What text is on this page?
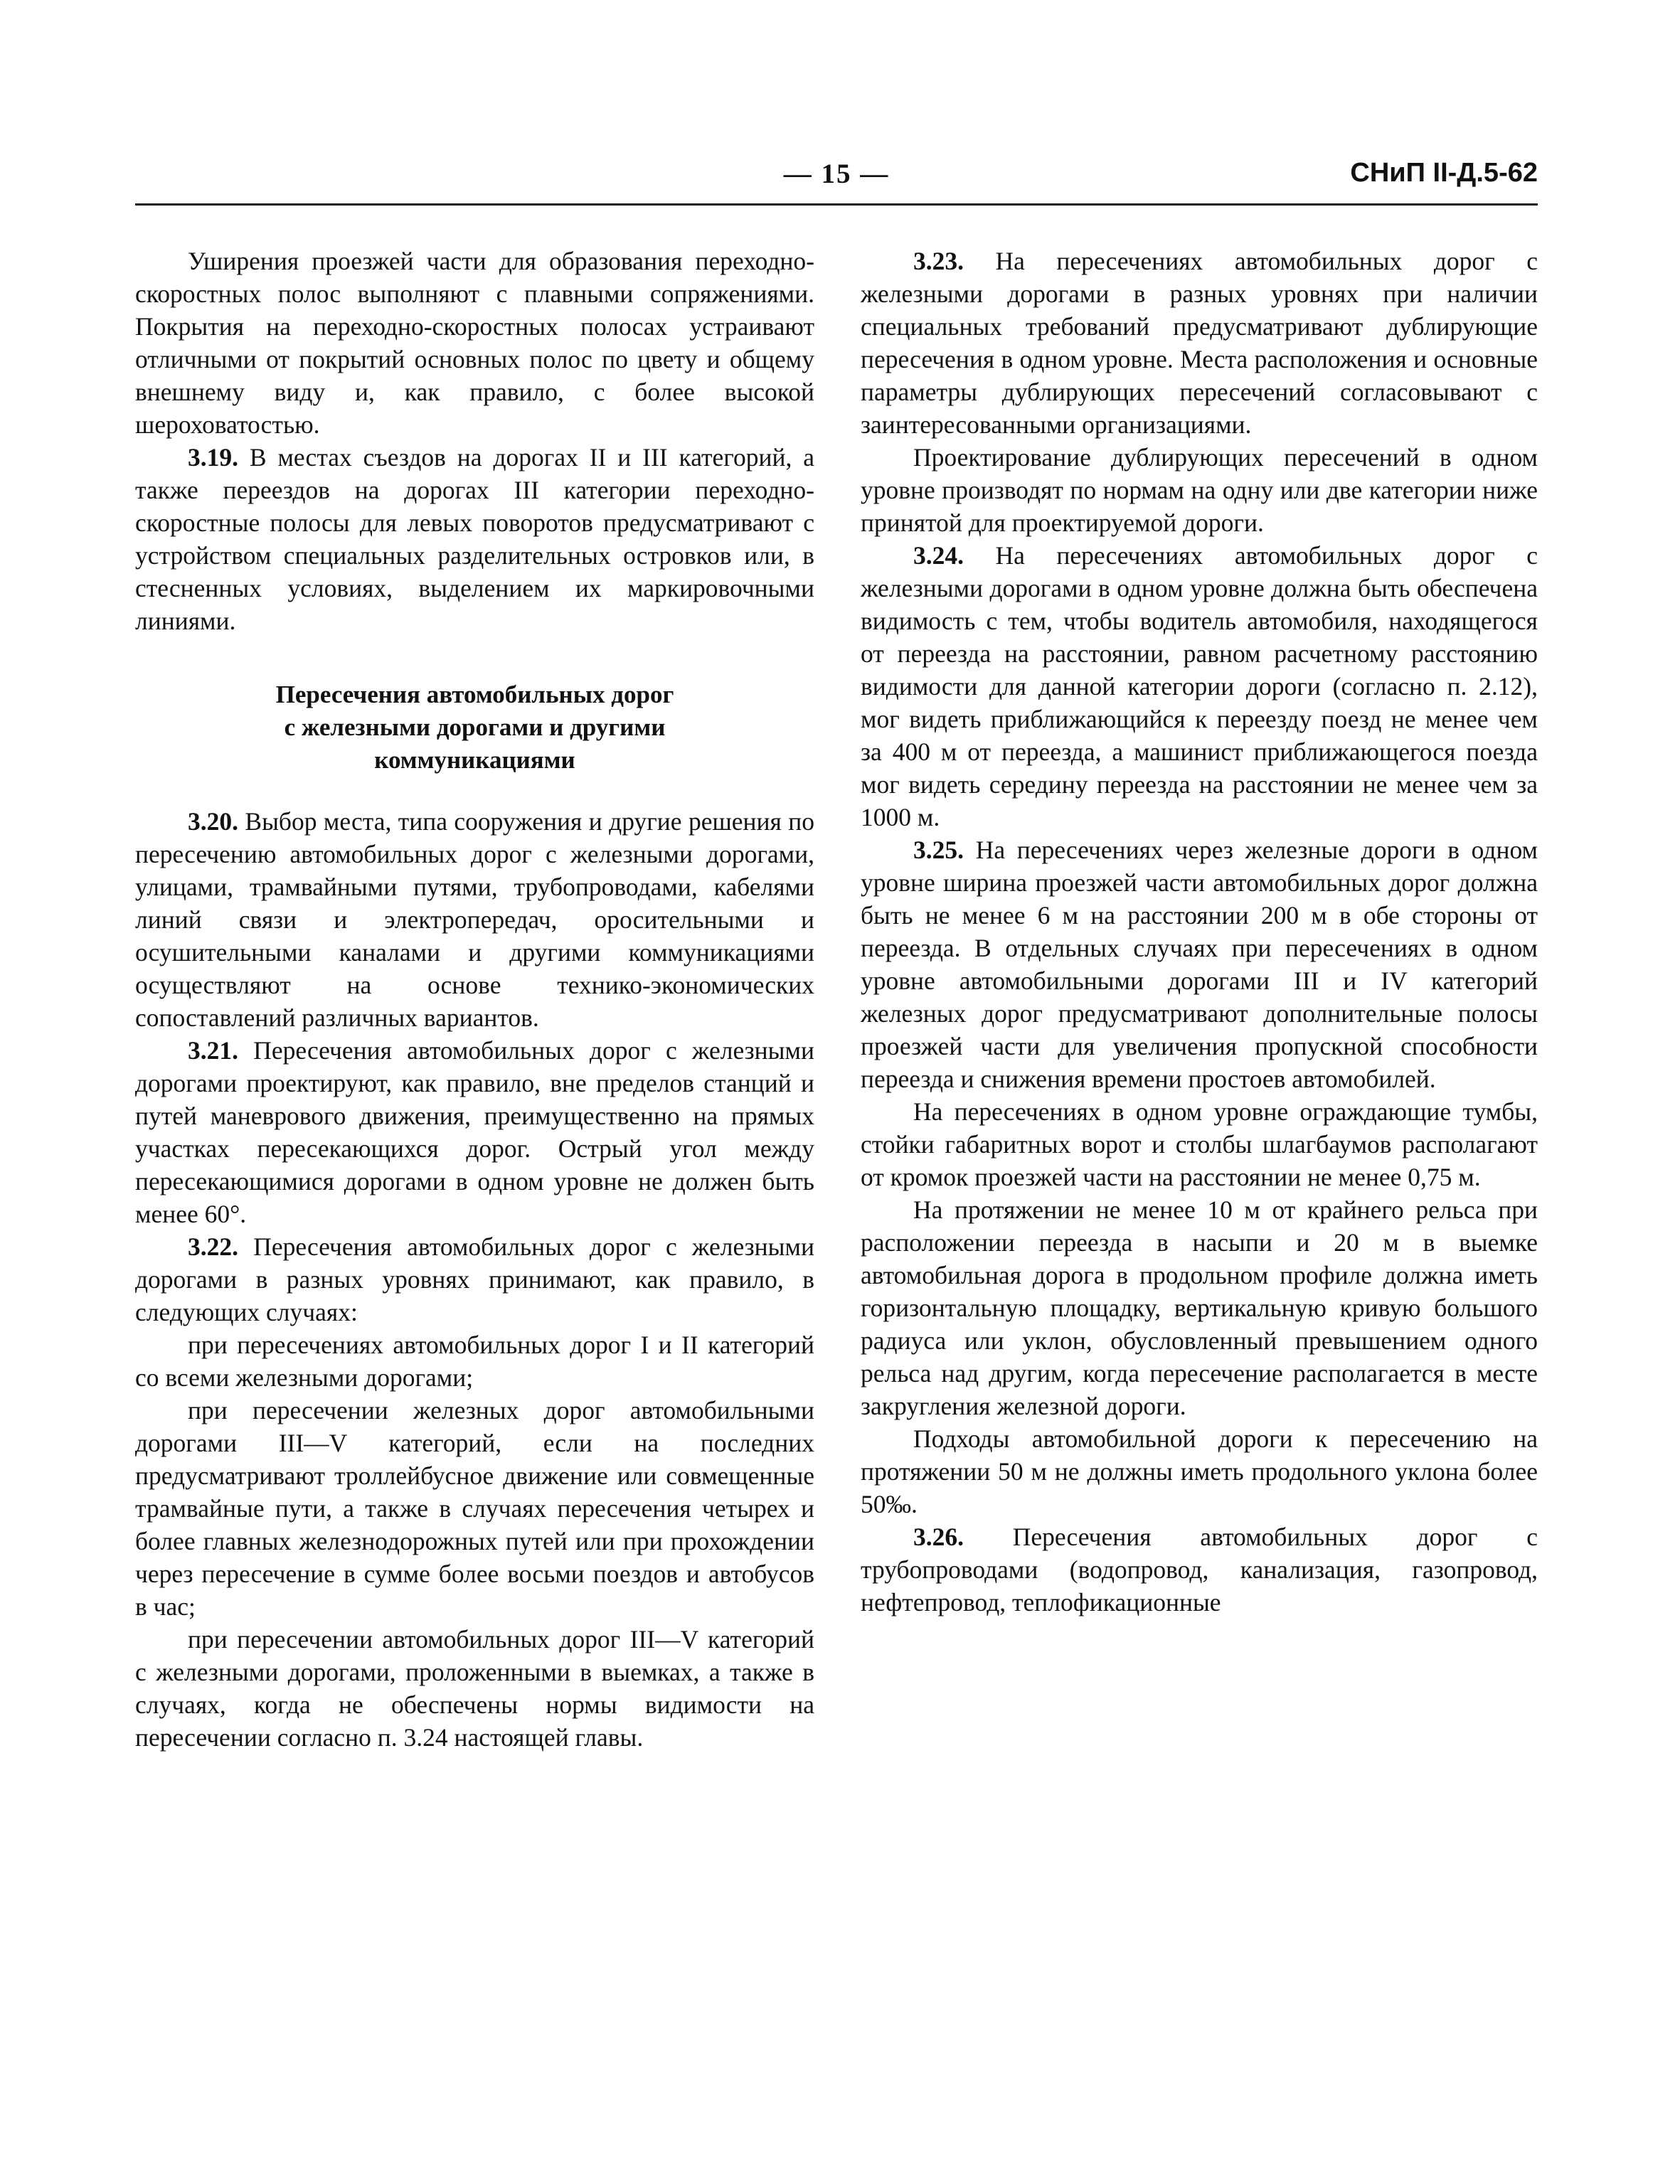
— 15 —	СНиП II-Д.5-62

Уширения проезжей части для образования переходно-скоростных полос выполняют с плавными сопряжениями. Покрытия на переходно-скоростных полосах устраивают отличными от покрытий основных полос по цвету и общему внешнему виду и, как правило, с более высокой шероховатостью.

3.19. В местах съездов на дорогах II и III категорий, а также переездов на дорогах III категории переходно-скоростные полосы для левых поворотов предусматривают с устройством специальных разделительных островков или, в стесненных условиях, выделением их маркировочными линиями.

Пересечения автомобильных дорог
с железными дорогами и другими
коммуникациями

3.20. Выбор места, типа сооружения и другие решения по пересечению автомобильных дорог с железными дорогами, улицами, трамвайными путями, трубопроводами, кабелями линий связи и электропередач, оросительными и осушительными каналами и другими коммуникациями осуществляют на основе технико-экономических сопоставлений различных вариантов.

3.21. Пересечения автомобильных дорог с железными дорогами проектируют, как правило, вне пределов станций и путей маневрового движения, преимущественно на прямых участках пересекающихся дорог. Острый угол между пересекающимися дорогами в одном уровне не должен быть менее 60°.

3.22. Пересечения автомобильных дорог с железными дорогами в разных уровнях принимают, как правило, в следующих случаях:

при пересечениях автомобильных дорог I и II категорий со всеми железными дорогами;

при пересечении железных дорог автомобильными дорогами III—V категорий, если на последних предусматривают троллейбусное движение или совмещенные трамвайные пути, а также в случаях пересечения четырех и более главных железнодорожных путей или при прохождении через пересечение в сумме более восьми поездов и автобусов в час;

при пересечении автомобильных дорог III—V категорий с железными дорогами, проложенными в выемках, а также в случаях, когда не обеспечены нормы видимости на пересечении согласно п. 3.24 настоящей главы.

3.23. На пересечениях автомобильных дорог с железными дорогами в разных уровнях при наличии специальных требований предусматривают дублирующие пересечения в одном уровне. Места расположения и основные параметры дублирующих пересечений согласовывают с заинтересованными организациями.

Проектирование дублирующих пересечений в одном уровне производят по нормам на одну или две категории ниже принятой для проектируемой дороги.

3.24. На пересечениях автомобильных дорог с железными дорогами в одном уровне должна быть обеспечена видимость с тем, чтобы водитель автомобиля, находящегося от переезда на расстоянии, равном расчетному расстоянию видимости для данной категории дороги (согласно п. 2.12), мог видеть приближающийся к переезду поезд не менее чем за 400 м от переезда, а машинист приближающегося поезда мог видеть середину переезда на расстоянии не менее чем за 1000 м.

3.25. На пересечениях через железные дороги в одном уровне ширина проезжей части автомобильных дорог должна быть не менее 6 м на расстоянии 200 м в обе стороны от переезда. В отдельных случаях при пересечениях в одном уровне автомобильными дорогами III и IV категорий железных дорог предусматривают дополнительные полосы проезжей части для увеличения пропускной способности переезда и снижения времени простоев автомобилей.

На пересечениях в одном уровне ограждающие тумбы, стойки габаритных ворот и столбы шлагбаумов располагают от кромок проезжей части на расстоянии не менее 0,75 м.

На протяжении не менее 10 м от крайнего рельса при расположении переезда в насыпи и 20 м в выемке автомобильная дорога в продольном профиле должна иметь горизонтальную площадку, вертикальную кривую большого радиуса или уклон, обусловленный превышением одного рельса над другим, когда пересечение располагается в месте закругления железной дороги.

Подходы автомобильной дороги к пересечению на протяжении 50 м не должны иметь продольного уклона более 50‰.

3.26. Пересечения автомобильных дорог с трубопроводами (водопровод, канализация, газопровод, нефтепровод, теплофикационные
